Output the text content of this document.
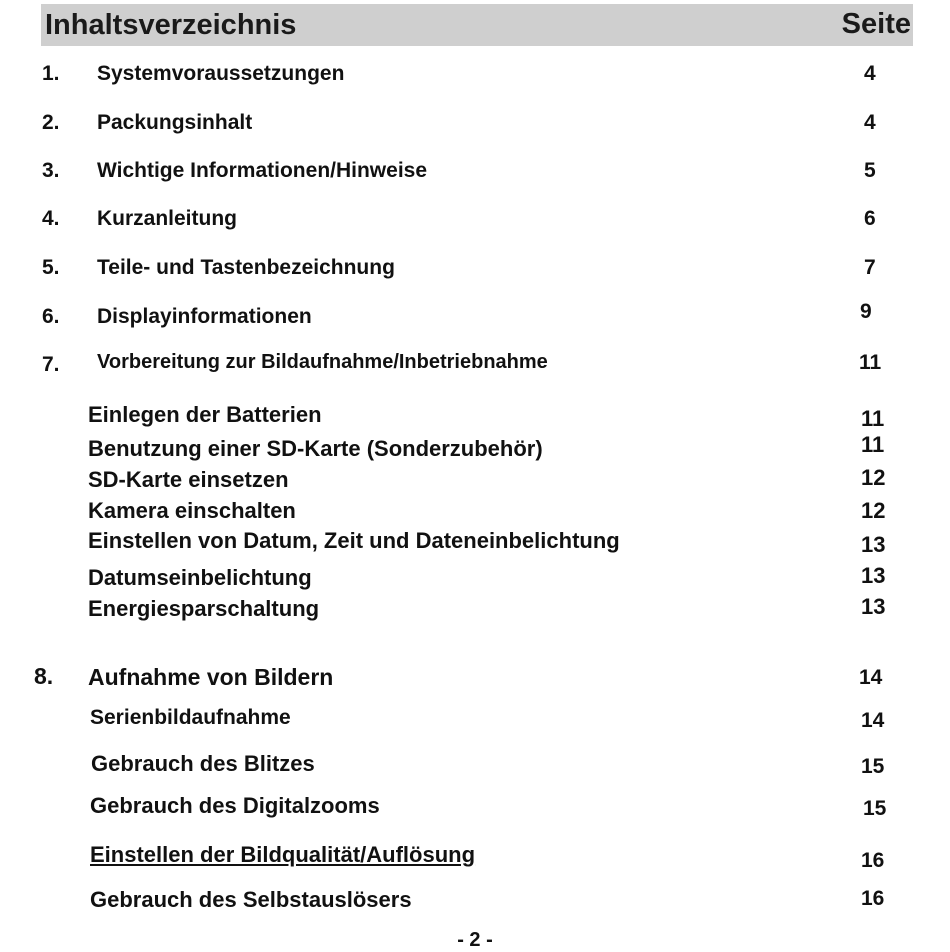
Inhaltsverzeichnis	Seite
1. Systemvoraussetzungen	4
2. Packungsinhalt	4
3. Wichtige Informationen/Hinweise	5
4. Kurzanleitung	6
5. Teile- und Tastenbezeichnung	7
6. Displayinformationen	9
7. Vorbereitung zur Bildaufnahme/Inbetriebnahme	11
Einlegen der Batterien	11
Benutzung einer SD-Karte (Sonderzubehör)	11
SD-Karte einsetzen	12
Kamera einschalten	12
Einstellen von Datum, Zeit und Dateneinbelichtung	13
Datumseinbelichtung	13
Energiesparschaltung	13
8. Aufnahme von Bildern	14
Serienbildaufnahme	14
Gebrauch des Blitzes	15
Gebrauch des Digitalzooms	15
Einstellen der Bildqualität/Auflösung	16
Gebrauch des Selbstauslösers	16
- 2 -
